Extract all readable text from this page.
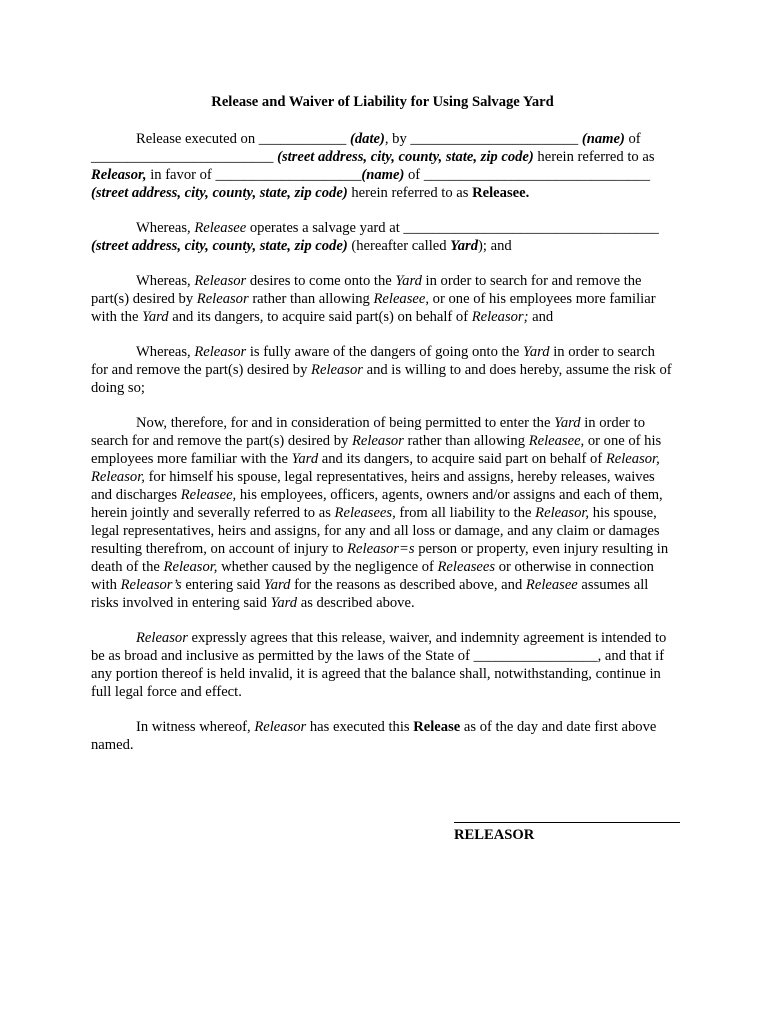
Release and Waiver of Liability for Using Salvage Yard

Release executed on ____________ (date), by _______________________ (name) of _________________________ (street address, city, county, state, zip code) herein referred to as Releasor, in favor of ____________________(name) of _______________________________ (street address, city, county, state, zip code) herein referred to as Releasee.

Whereas, Releasee operates a salvage yard at ___________________________________ (street address, city, county, state, zip code) (hereafter called Yard); and

Whereas, Releasor desires to come onto the Yard in order to search for and remove the part(s) desired by Releasor rather than allowing Releasee, or one of his employees more familiar with the Yard and its dangers, to acquire said part(s) on behalf of Releasor; and

Whereas, Releasor is fully aware of the dangers of going onto the Yard in order to search for and remove the part(s) desired by Releasor and is willing to and does hereby, assume the risk of doing so;

Now, therefore, for and in consideration of being permitted to enter the Yard in order to search for and remove the part(s) desired by Releasor rather than allowing Releasee, or one of his employees more familiar with the Yard and its dangers, to acquire said part on behalf of Releasor, Releasor, for himself his spouse, legal representatives, heirs and assigns, hereby releases, waives and discharges Releasee, his employees, officers, agents, owners and/or assigns and each of them, herein jointly and severally referred to as Releasees, from all liability to the Releasor, his spouse, legal representatives, heirs and assigns, for any and all loss or damage, and any claim or damages resulting therefrom, on account of injury to Releasor=s person or property, even injury resulting in death of the Releasor, whether caused by the negligence of Releasees or otherwise in connection with Releasor’s entering said Yard for the reasons as described above, and Releasee assumes all risks involved in entering said Yard as described above.

Releasor expressly agrees that this release, waiver, and indemnity agreement is intended to be as broad and inclusive as permitted by the laws of the State of _________________, and that if any portion thereof is held invalid, it is agreed that the balance shall, notwithstanding, continue in full legal force and effect.

In witness whereof, Releasor has executed this Release as of the day and date first above named.

RELEASOR
